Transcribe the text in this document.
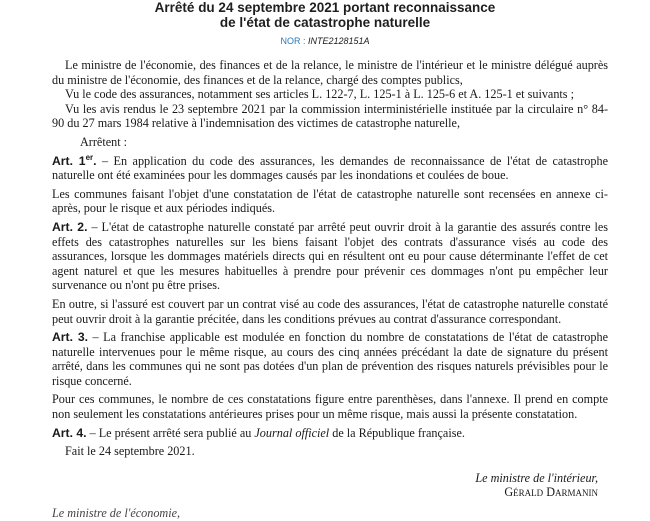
Arrêté du 24 septembre 2021 portant reconnaissance
de l'état de catastrophe naturelle
NOR : INTE2128151A

Le ministre de l'économie, des finances et de la relance, le ministre de l'intérieur et le ministre délégué auprès du ministre de l'économie, des finances et de la relance, chargé des comptes publics,

Vu le code des assurances, notamment ses articles L. 122-7, L. 125-1 à L. 125-6 et A. 125-1 et suivants ;

Vu les avis rendus le 23 septembre 2021 par la commission interministérielle instituée par la circulaire n° 84-90 du 27 mars 1984 relative à l'indemnisation des victimes de catastrophe naturelle,

Arrêtent :

Art. 1er. – En application du code des assurances, les demandes de reconnaissance de l'état de catastrophe naturelle ont été examinées pour les dommages causés par les inondations et coulées de boue.

Les communes faisant l'objet d'une constatation de l'état de catastrophe naturelle sont recensées en annexe ci-après, pour le risque et aux périodes indiqués.

Art. 2. – L'état de catastrophe naturelle constaté par arrêté peut ouvrir droit à la garantie des assurés contre les effets des catastrophes naturelles sur les biens faisant l'objet des contrats d'assurance visés au code des assurances, lorsque les dommages matériels directs qui en résultent ont eu pour cause déterminante l'effet de cet agent naturel et que les mesures habituelles à prendre pour prévenir ces dommages n'ont pu empêcher leur survenance ou n'ont pu être prises.

En outre, si l'assuré est couvert par un contrat visé au code des assurances, l'état de catastrophe naturelle constaté peut ouvrir droit à la garantie précitée, dans les conditions prévues au contrat d'assurance correspondant.

Art. 3. – La franchise applicable est modulée en fonction du nombre de constatations de l'état de catastrophe naturelle intervenues pour le même risque, au cours des cinq années précédant la date de signature du présent arrêté, dans les communes qui ne sont pas dotées d'un plan de prévention des risques naturels prévisibles pour le risque concerné.

Pour ces communes, le nombre de ces constatations figure entre parenthèses, dans l'annexe. Il prend en compte non seulement les constatations antérieures prises pour un même risque, mais aussi la présente constatation.

Art. 4. – Le présent arrêté sera publié au Journal officiel de la République française.

Fait le 24 septembre 2021.

Le ministre de l'intérieur,
Gérald Darmanin

Le ministre de l'économie,
